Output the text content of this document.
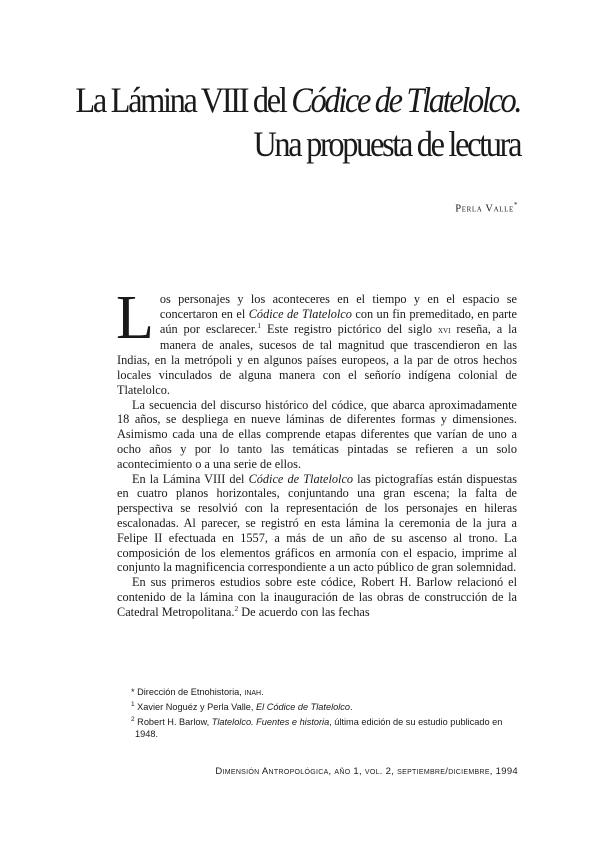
La Lámina VIII del Códice de Tlatelolco.
Una propuesta de lectura
Perla Valle*

Los personajes y los aconteceres en el tiempo y en el espacio se concertaron en el Códice de Tlatelolco con un fin premeditado, en parte aún por esclarecer.$^1$ Este registro pictórico del siglo xvi reseña, a la manera de anales, sucesos de tal magnitud que trascendieron en las Indias, en la metrópoli y en algunos países europeos, a la par de otros hechos locales vinculados de alguna manera con el señorío indígena colonial de Tlatelolco.

La secuencia del discurso histórico del códice, que abarca aproximadamente 18 años, se despliega en nueve láminas de diferentes formas y dimensiones. Asimismo cada una de ellas comprende etapas diferentes que varían de uno a ocho años y por lo tanto las temáticas pintadas se refieren a un solo acontecimiento o a una serie de ellos.

En la Lámina VIII del Códice de Tlatelolco las pictografías están dispuestas en cuatro planos horizontales, conjuntando una gran escena; la falta de perspectiva se resolvió con la representación de los personajes en hileras escalonadas. Al parecer, se registró en esta lámina la ceremonia de la jura a Felipe II efectuada en 1557, a más de un año de su ascenso al trono. La composición de los elementos gráficos en armonía con el espacio, imprime al conjunto la magnificencia correspondiente a un acto público de gran solemnidad.

En sus primeros estudios sobre este códice, Robert H. Barlow relacionó el contenido de la lámina con la inauguración de las obras de construcción de la Catedral Metropolitana.$^2$ De acuerdo con las fechas

* Dirección de Etnohistoria, inah.

$^1$ Xavier Noguéz y Perla Valle, El Códice de Tlatelolco.

$^2$ Robert H. Barlow, Tlatelolco. Fuentes e historia, última edición de su estudio publicado en 1948.

Dimensión Antropológica, año 1, vol. 2, septiembre/diciembre, 1994
